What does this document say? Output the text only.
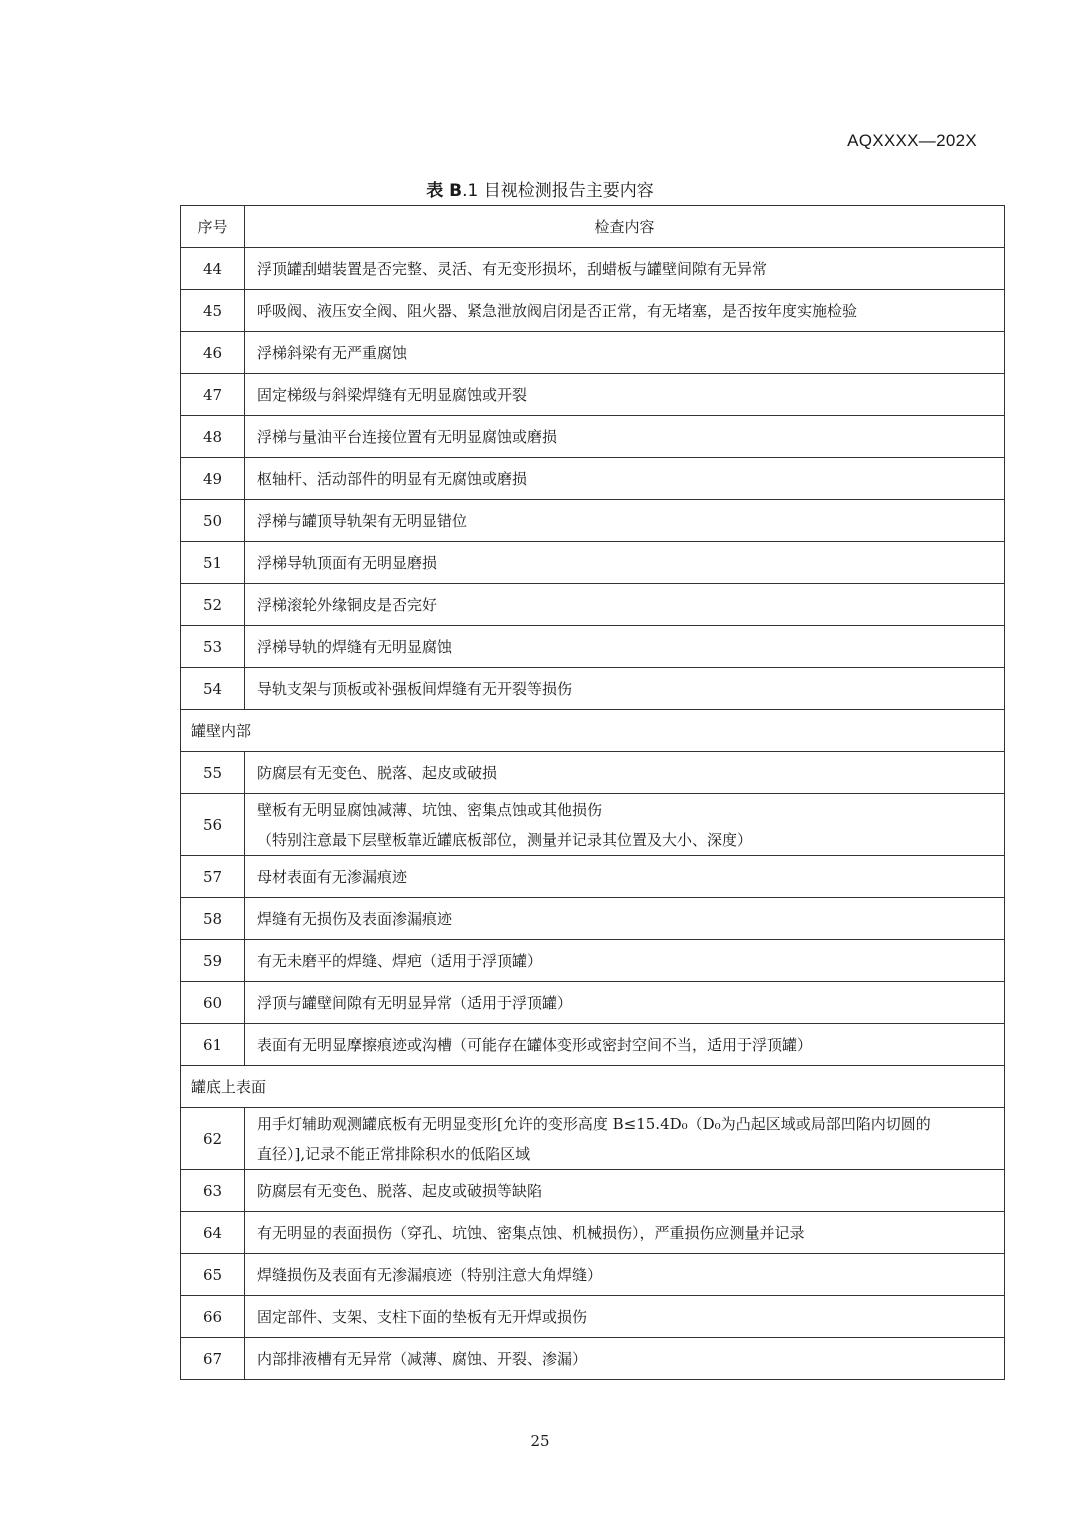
AQXXXX—202X
表 B.1 目视检测报告主要内容
序号	检查内容
44	浮顶罐刮蜡装置是否完整、灵活、有无变形损坏，刮蜡板与罐壁间隙有无异常
45	呼吸阀、液压安全阀、阻火器、紧急泄放阀启闭是否正常，有无堵塞，是否按年度实施检验
46	浮梯斜梁有无严重腐蚀
47	固定梯级与斜梁焊缝有无明显腐蚀或开裂
48	浮梯与量油平台连接位置有无明显腐蚀或磨损
49	枢轴杆、活动部件的明显有无腐蚀或磨损
50	浮梯与罐顶导轨架有无明显错位
51	浮梯导轨顶面有无明显磨损
52	浮梯滚轮外缘铜皮是否完好
53	浮梯导轨的焊缝有无明显腐蚀
54	导轨支架与顶板或补强板间焊缝有无开裂等损伤
罐壁内部	
55	防腐层有无变色、脱落、起皮或破损
56	壁板有无明显腐蚀减薄、坑蚀、密集点蚀或其他损伤
（特别注意最下层壁板靠近罐底板部位，测量并记录其位置及大小、深度）

57	母材表面有无渗漏痕迹
58	焊缝有无损伤及表面渗漏痕迹
59	有无未磨平的焊缝、焊疤（适用于浮顶罐）
60	浮顶与罐壁间隙有无明显异常（适用于浮顶罐）
61	表面有无明显摩擦痕迹或沟槽（可能存在罐体变形或密封空间不当，适用于浮顶罐）
罐底上表面	
62	用手灯辅助观测罐底板有无明显变形[允许的变形高度 B≤15.4D₀（D₀为凸起区域或局部凹陷内切圆的
直径）],记录不能正常排除积水的低陷区域

63	防腐层有无变色、脱落、起皮或破损等缺陷
64	有无明显的表面损伤（穿孔、坑蚀、密集点蚀、机械损伤），严重损伤应测量并记录
65	焊缝损伤及表面有无渗漏痕迹（特别注意大角焊缝）
66	固定部件、支架、支柱下面的垫板有无开焊或损伤
67	内部排液槽有无异常（减薄、腐蚀、开裂、渗漏）
25
